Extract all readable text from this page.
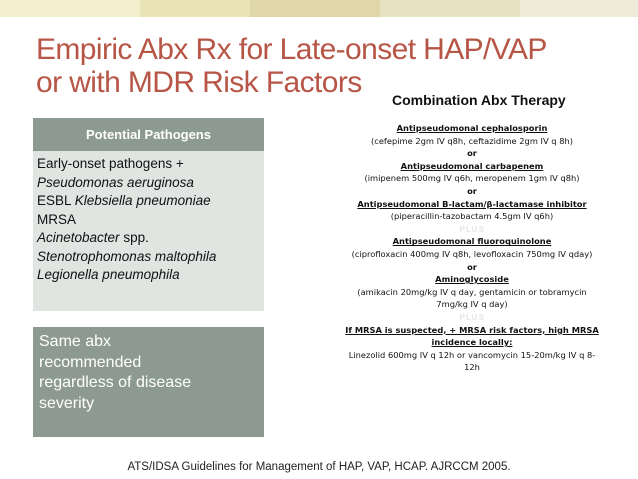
Empiric Abx Rx for Late-onset HAP/VAP
or with MDR Risk Factors
Combination Abx Therapy
Potential Pathogens
Early-onset pathogens +
Pseudomonas aeruginosa
ESBL Klebsiella pneumoniae
MRSA
Acinetobacter spp.
Stenotrophomonas maltophila
Legionella pneumophila
Same abx
recommended
regardless of disease
severity
Antipseudomonal cephalosporin
(cefepime 2gm IV q8h, ceftazidime 2gm IV q 8h)
or
Antipseudomonal carbapenem
(imipenem 500mg IV q6h, meropenem 1gm IV q8h)
or
Antipseudomonal B-lactam/β-lactamase inhibitor
(piperacillin-tazobactam 4.5gm IV q6h)
PLUS
Antipseudomonal fluoroquinolone
(ciprofloxacin 400mg IV q8h, levofloxacin 750mg IV qday)
or
Aminoglycoside
(amikacin 20mg/kg IV q day, gentamicin or tobramycin
7mg/kg IV q day)
PLUS
If MRSA is suspected, + MRSA risk factors, high MRSA
incidence locally:
Linezolid 600mg IV q 12h or vancomycin 15-20m/kg IV q 8-
12h
ATS/IDSA Guidelines for Management of HAP, VAP, HCAP. AJRCCM 2005.
